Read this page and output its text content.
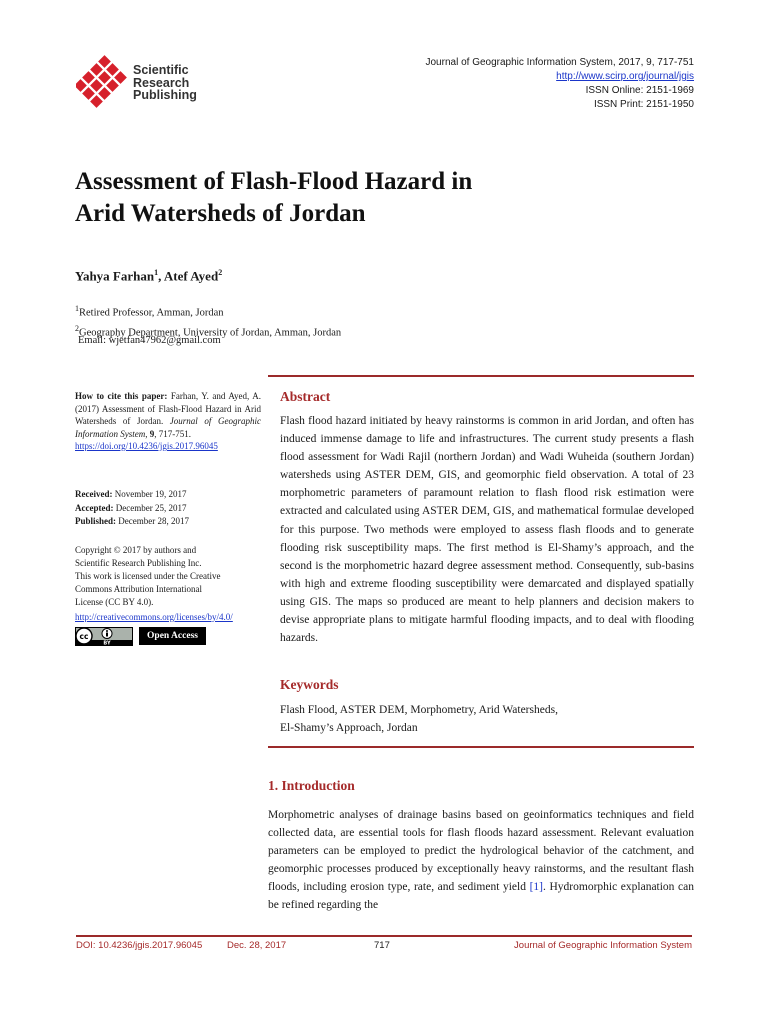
Scientific
Research
Publishing
Journal of Geographic Information System, 2017, 9, 717-751
http://www.scirp.org/journal/jgis
ISSN Online: 2151-1969
ISSN Print: 2151-1950
Assessment of Flash-Flood Hazard in
Arid Watersheds of Jordan
Yahya Farhan$^1$, Atef Ayed$^2$
$^1$Retired Professor, Amman, Jordan
$^2$Geography Department, University of Jordan, Amman, Jordan
Email: wjetfan47962@gmail.com
How to cite this paper: Farhan, Y. and Ayed, A. (2017) Assessment of Flash-Flood Hazard in Arid Watersheds of Jordan. Journal of Geographic Information System, 9, 717-751.
https://doi.org/10.4236/jgis.2017.96045
Received: November 19, 2017
Accepted: December 25, 2017
Published: December 28, 2017
Copyright © 2017 by authors and
Scientific Research Publishing Inc.
This work is licensed under the Creative
Commons Attribution International
License (CC BY 4.0).
http://creativecommons.org/licenses/by/4.0/
cc
BY
Open Access
Abstract
Flash flood hazard initiated by heavy rainstorms is common in arid Jordan, and often has induced immense damage to life and infrastructures. The current study presents a flash flood assessment for Wadi Rajil (northern Jordan) and Wadi Wuheida (southern Jordan) watersheds using ASTER DEM, GIS, and geomorphic field observation. A total of 23 morphometric parameters of paramount relation to flash flood risk estimation were extracted and calculated using ASTER DEM, GIS, and mathematical formulae developed for this purpose. Two methods were employed to assess flash floods and to generate flooding risk susceptibility maps. The first method is El-Shamy’s approach, and the second is the morphometric hazard degree assessment method. Consequently, sub-basins with high and extreme flooding susceptibility were demarcated and displayed spatially using GIS. The maps so produced are meant to help planners and decision makers to devise appropriate plans to mitigate harmful flooding impacts, and to deal with flooding hazards.
Keywords
Flash Flood, ASTER DEM, Morphometry, Arid Watersheds,
El-Shamy’s Approach, Jordan
1. Introduction
Morphometric analyses of drainage basins based on geoinformatics techniques and field collected data, are essential tools for flash floods hazard assessment. Relevant evaluation parameters can be employed to predict the hydrological behavior of the catchment, and geomorphic processes produced by exceptionally heavy rainstorms, and the resultant flash floods, including erosion type, rate, and sediment yield [1]. Hydromorphic explanation can be refined regarding the
DOI: 10.4236/jgis.2017.96045	Dec. 28, 2017	717	Journal of Geographic Information System
